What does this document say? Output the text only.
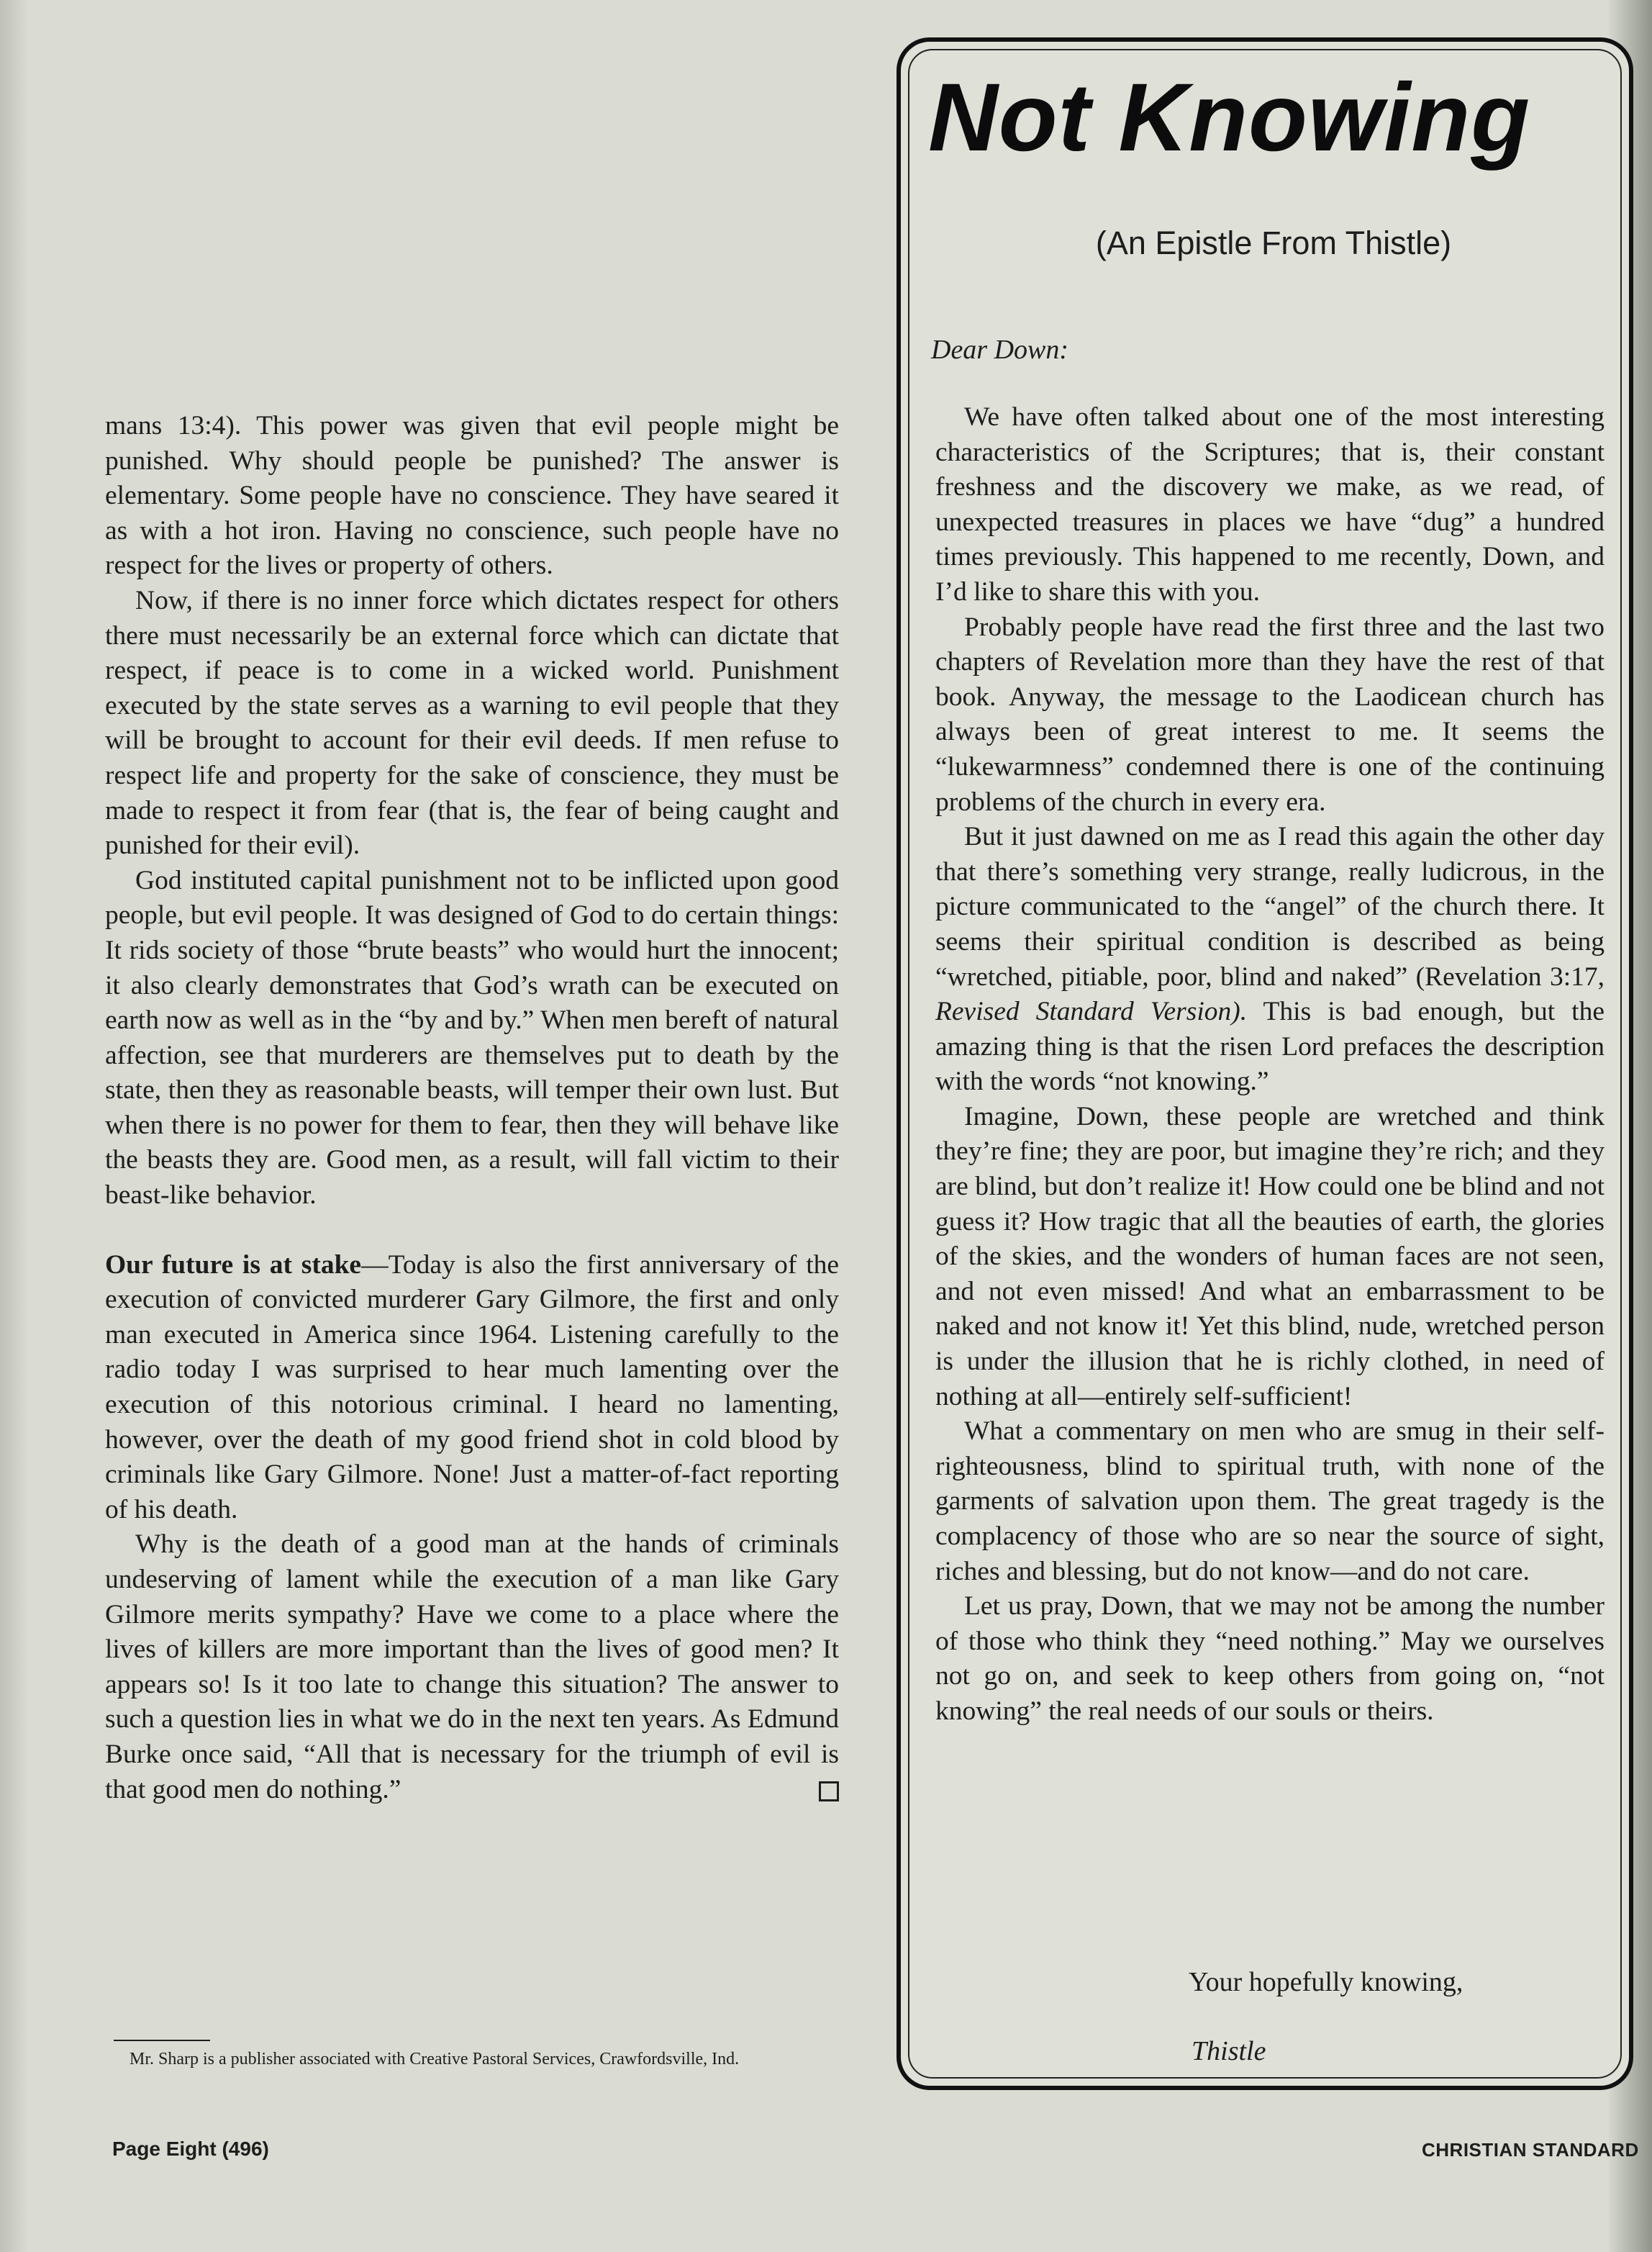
mans 13:4). This power was given that evil people might be punished. Why should people be punished? The answer is elementary. Some people have no conscience. They have seared it as with a hot iron. Having no conscience, such people have no respect for the lives or property of others.

Now, if there is no inner force which dictates respect for others there must necessarily be an external force which can dictate that respect, if peace is to come in a wicked world. Punishment executed by the state serves as a warning to evil people that they will be brought to account for their evil deeds. If men refuse to respect life and property for the sake of conscience, they must be made to respect it from fear (that is, the fear of being caught and punished for their evil).

God instituted capital punishment not to be inflicted upon good people, but evil people. It was designed of God to do certain things: It rids society of those “brute beasts” who would hurt the innocent; it also clearly demonstrates that God’s wrath can be executed on earth now as well as in the “by and by.” When men bereft of natural affection, see that murderers are themselves put to death by the state, then they as reasonable beasts, will temper their own lust. But when there is no power for them to fear, then they will behave like the beasts they are. Good men, as a result, will fall victim to their beast-like behavior.

Our future is at stake—Today is also the first anniversary of the execution of convicted murderer Gary Gilmore, the first and only man executed in America since 1964. Listening carefully to the radio today I was surprised to hear much lamenting over the execution of this notorious criminal. I heard no lamenting, however, over the death of my good friend shot in cold blood by criminals like Gary Gilmore. None! Just a matter-of-fact reporting of his death.

Why is the death of a good man at the hands of criminals undeserving of lament while the execution of a man like Gary Gilmore merits sympathy? Have we come to a place where the lives of killers are more important than the lives of good men? It appears so! Is it too late to change this situation? The answer to such a question lies in what we do in the next ten years. As Edmund Burke once said, “All that is necessary for the triumph of evil is that good men do nothing.”

Mr. Sharp is a publisher associated with Creative Pastoral Services, Crawfordsville, Ind.
Page Eight (496)	CHRISTIAN STANDARD
Not Knowing
(An Epistle From Thistle)
Dear Down:

We have often talked about one of the most interesting characteristics of the Scriptures; that is, their constant freshness and the discovery we make, as we read, of unexpected treasures in places we have “dug” a hundred times previously. This happened to me recently, Down, and I’d like to share this with you.

Probably people have read the first three and the last two chapters of Revelation more than they have the rest of that book. Anyway, the message to the Laodicean church has always been of great interest to me. It seems the “lukewarmness” condemned there is one of the continuing problems of the church in every era.

But it just dawned on me as I read this again the other day that there’s something very strange, really ludicrous, in the picture communicated to the “angel” of the church there. It seems their spiritual condition is described as being “wretched, pitiable, poor, blind and naked” (Revelation 3:17, Revised Standard Version). This is bad enough, but the amazing thing is that the risen Lord prefaces the description with the words “not knowing.”

Imagine, Down, these people are wretched and think they’re fine; they are poor, but imagine they’re rich; and they are blind, but don’t realize it! How could one be blind and not guess it? How tragic that all the beauties of earth, the glories of the skies, and the wonders of human faces are not seen, and not even missed! And what an embarrassment to be naked and not know it! Yet this blind, nude, wretched person is under the illusion that he is richly clothed, in need of nothing at all—entirely self-sufficient!

What a commentary on men who are smug in their self-righteousness, blind to spiritual truth, with none of the garments of salvation upon them. The great tragedy is the complacency of those who are so near the source of sight, riches and blessing, but do not know—and do not care.

Let us pray, Down, that we may not be among the number of those who think they “need nothing.” May we ourselves not go on, and seek to keep others from going on, “not knowing” the real needs of our souls or theirs.

Your hopefully knowing,
Thistle
